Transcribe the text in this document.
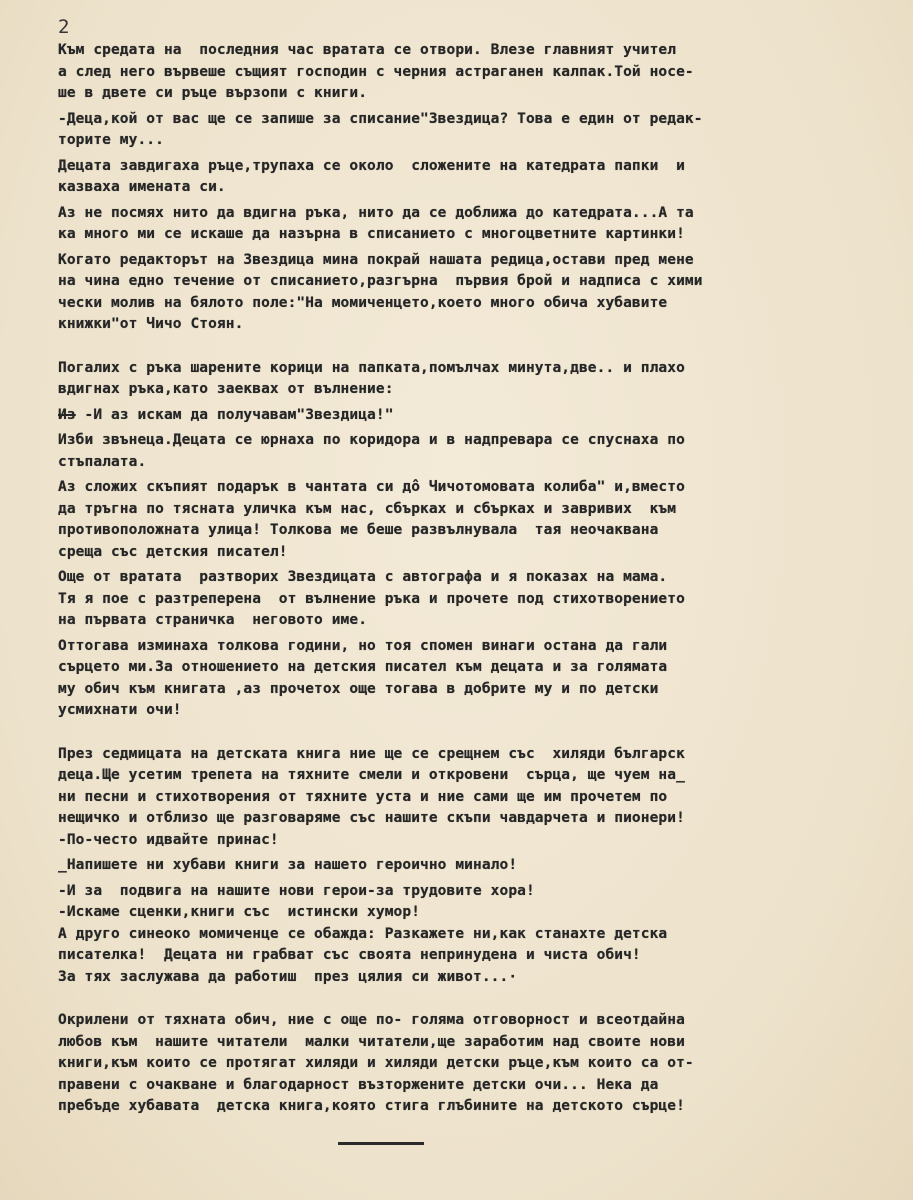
2
Към средата на  последния час вратата се отвори. Влезе главният учител
а след него вървеше същият господин с черния астраганен калпак.Той носе-
ше в двете си ръце вързопи с книги.
-Деца,кой от вас ще се запише за списание"Звездица? Това е един от редак-
торите му...
Децата завдигаха ръце,трупаха се около  сложените на катедрата папки  и
казваха имената си.
Аз не посмях нито да вдигна ръка, нито да се доближа до катедрата...А та
ка много ми се искаше да назърна в списанието с многоцветните картинки!
Когато редакторът на Звездица мина покрай нашата редица,остави пред мене
на чина едно течение от списанието,разгърна  първия брой и надписа с хими
чески молив на бялото поле:"На момиченцето,което много обича хубавите
книжки"от Чичо Стоян.
Погалих с ръка шарените корици на папката,помълчах минута,две.. и плахо
вдигнах ръка,като заеквах от вълнение:
Из -И аз искам да получавам"Звездица!"
Изби звънеца.Децата се юрнаха по коридора и в надпревара се спуснаха по
стъпалата.
Аз сложих скъпият подарък в чантата си дô Чичотомовата колиба" и,вместо
да тръгна по тясната уличка към нас, сбърках и сбърках и завривих  към
противоположната улица! Толкова ме беше развълнувала  тая неочаквана
среща със детския писател!
Още от вратата  разтворих Звездицата с автографа и я показах на мама.
Тя я пое с разтреперена  от вълнение ръка и прочете под стихотворението
на първата страничка  неговото име.
Оттогава изминаха толкова години, но тоя спомен винаги остана да гали
сърцето ми.За отношението на детския писател към децата и за голямата
му обич към книгата ,аз прочетох още тогава в добрите му и по детски
усмихнати очи!
През седмицата на детската книга ние ще се срещнем със  хиляди българск
деца.Ще усетим трепета на тяхните смели и откровени  сърца, ще чуем на_
ни песни и стихотворения от тяхните уста и ние сами ще им прочетем по
нещичко и отблизо ще разговаряме със нашите скъпи чавдарчета и пионери!
-По-често идвайте принас!
_Напишете ни хубави книги за нашето героично минало!
-И за  подвига на нашите нови герои-за трудовите хора!
-Искаме сценки,книги със  истински хумор!
А друго синеоко момиченце се обажда: Разкажете ни,как станахте детска
писателка!  Децата ни грабват със своята непринудена и чиста обич!
За тях заслужава да работиш  през цялия си живот...·
Окрилени от тяхната обич, ние с още по- голяма отговорност и всеотдайна
любов към  нашите читатели  малки читатели,ще заработим над своите нови
книги,към които се протягат хиляди и хиляди детски ръце,към които са от-
правени с очакване и благодарност възторжените детски очи... Нека да
пребъде хубавата  детска книга,която стига глъбините на детското сърце!
